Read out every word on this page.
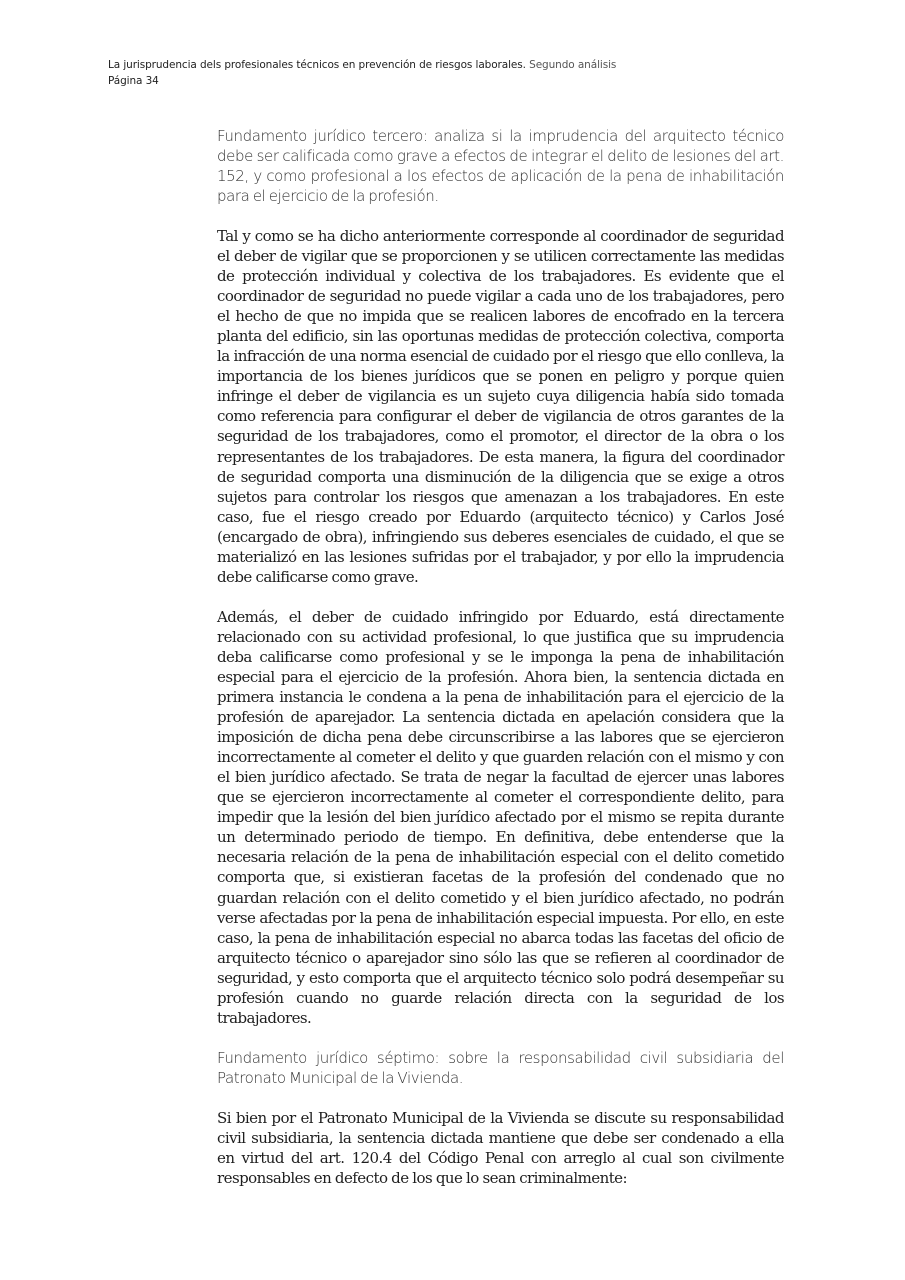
La jurisprudencia dels profesionales técnicos en prevención de riesgos laborales. Segundo análisis
Página 34

Fundamento jurídico tercero: analiza si la imprudencia del arquitecto técnico debe ser calificada como grave a efectos de integrar el delito de lesiones del art. 152, y como profesional a los efectos de aplicación de la pena de inhabilitación para el ejercicio de la profesión.

Tal y como se ha dicho anteriormente corresponde al coordinador de seguridad el deber de vigilar que se proporcionen y se utilicen correctamente las medidas de protección individual y colectiva de los trabajadores. Es evidente que el coordinador de seguridad no puede vigilar a cada uno de los trabajadores, pero el hecho de que no impida que se realicen labores de encofrado en la tercera planta del edificio, sin las oportunas medidas de protección colectiva, comporta la infracción de una norma esencial de cuidado por el riesgo que ello conlleva, la importancia de los bienes jurídicos que se ponen en peligro y porque quien infringe el deber de vigilancia es un sujeto cuya diligencia había sido tomada como referencia para configurar el deber de vigilancia de otros garantes de la seguridad de los trabajadores, como el promotor, el director de la obra o los representantes de los trabajadores. De esta manera, la figura del coordinador de seguridad comporta una disminución de la diligencia que se exige a otros sujetos para controlar los riesgos que amenazan a los trabajadores. En este caso, fue el riesgo creado por Eduardo (arquitecto técnico) y Carlos José (encargado de obra), infringiendo sus deberes esenciales de cuidado, el que se materializó en las lesiones sufridas por el trabajador, y por ello la imprudencia debe calificarse como grave.

Además, el deber de cuidado infringido por Eduardo, está directamente relacionado con su actividad profesional, lo que justifica que su imprudencia deba calificarse como profesional y se le imponga la pena de inhabilitación especial para el ejercicio de la profesión. Ahora bien, la sentencia dictada en primera instancia le condena a la pena de inhabilitación para el ejercicio de la profesión de aparejador. La sentencia dictada en apelación considera que la imposición de dicha pena debe circunscribirse a las labores que se ejercieron incorrectamente al cometer el delito y que guarden relación con el mismo y con el bien jurídico afectado. Se trata de negar la facultad de ejercer unas labores que se ejercieron incorrectamente al cometer el correspondiente delito, para impedir que la lesión del bien jurídico afectado por el mismo se repita durante un determinado periodo de tiempo. En definitiva, debe entenderse que la necesaria relación de la pena de inhabilitación especial con el delito cometido comporta que, si existieran facetas de la profesión del condenado que no guardan relación con el delito cometido y el bien jurídico afectado, no podrán verse afectadas por la pena de inhabilitación especial impuesta. Por ello, en este caso, la pena de inhabilitación especial no abarca todas las facetas del oficio de arquitecto técnico o aparejador sino sólo las que se refieren al coordinador de seguridad, y esto comporta que el arquitecto técnico solo podrá desempeñar su profesión cuando no guarde relación directa con la seguridad de los trabajadores.

Fundamento jurídico séptimo: sobre la responsabilidad civil subsidiaria del Patronato Municipal de la Vivienda.

Si bien por el Patronato Municipal de la Vivienda se discute su responsabilidad civil subsidiaria, la sentencia dictada mantiene que debe ser condenado a ella en virtud del art. 120.4 del Código Penal con arreglo al cual son civilmente responsables en defecto de los que lo sean criminalmente:
